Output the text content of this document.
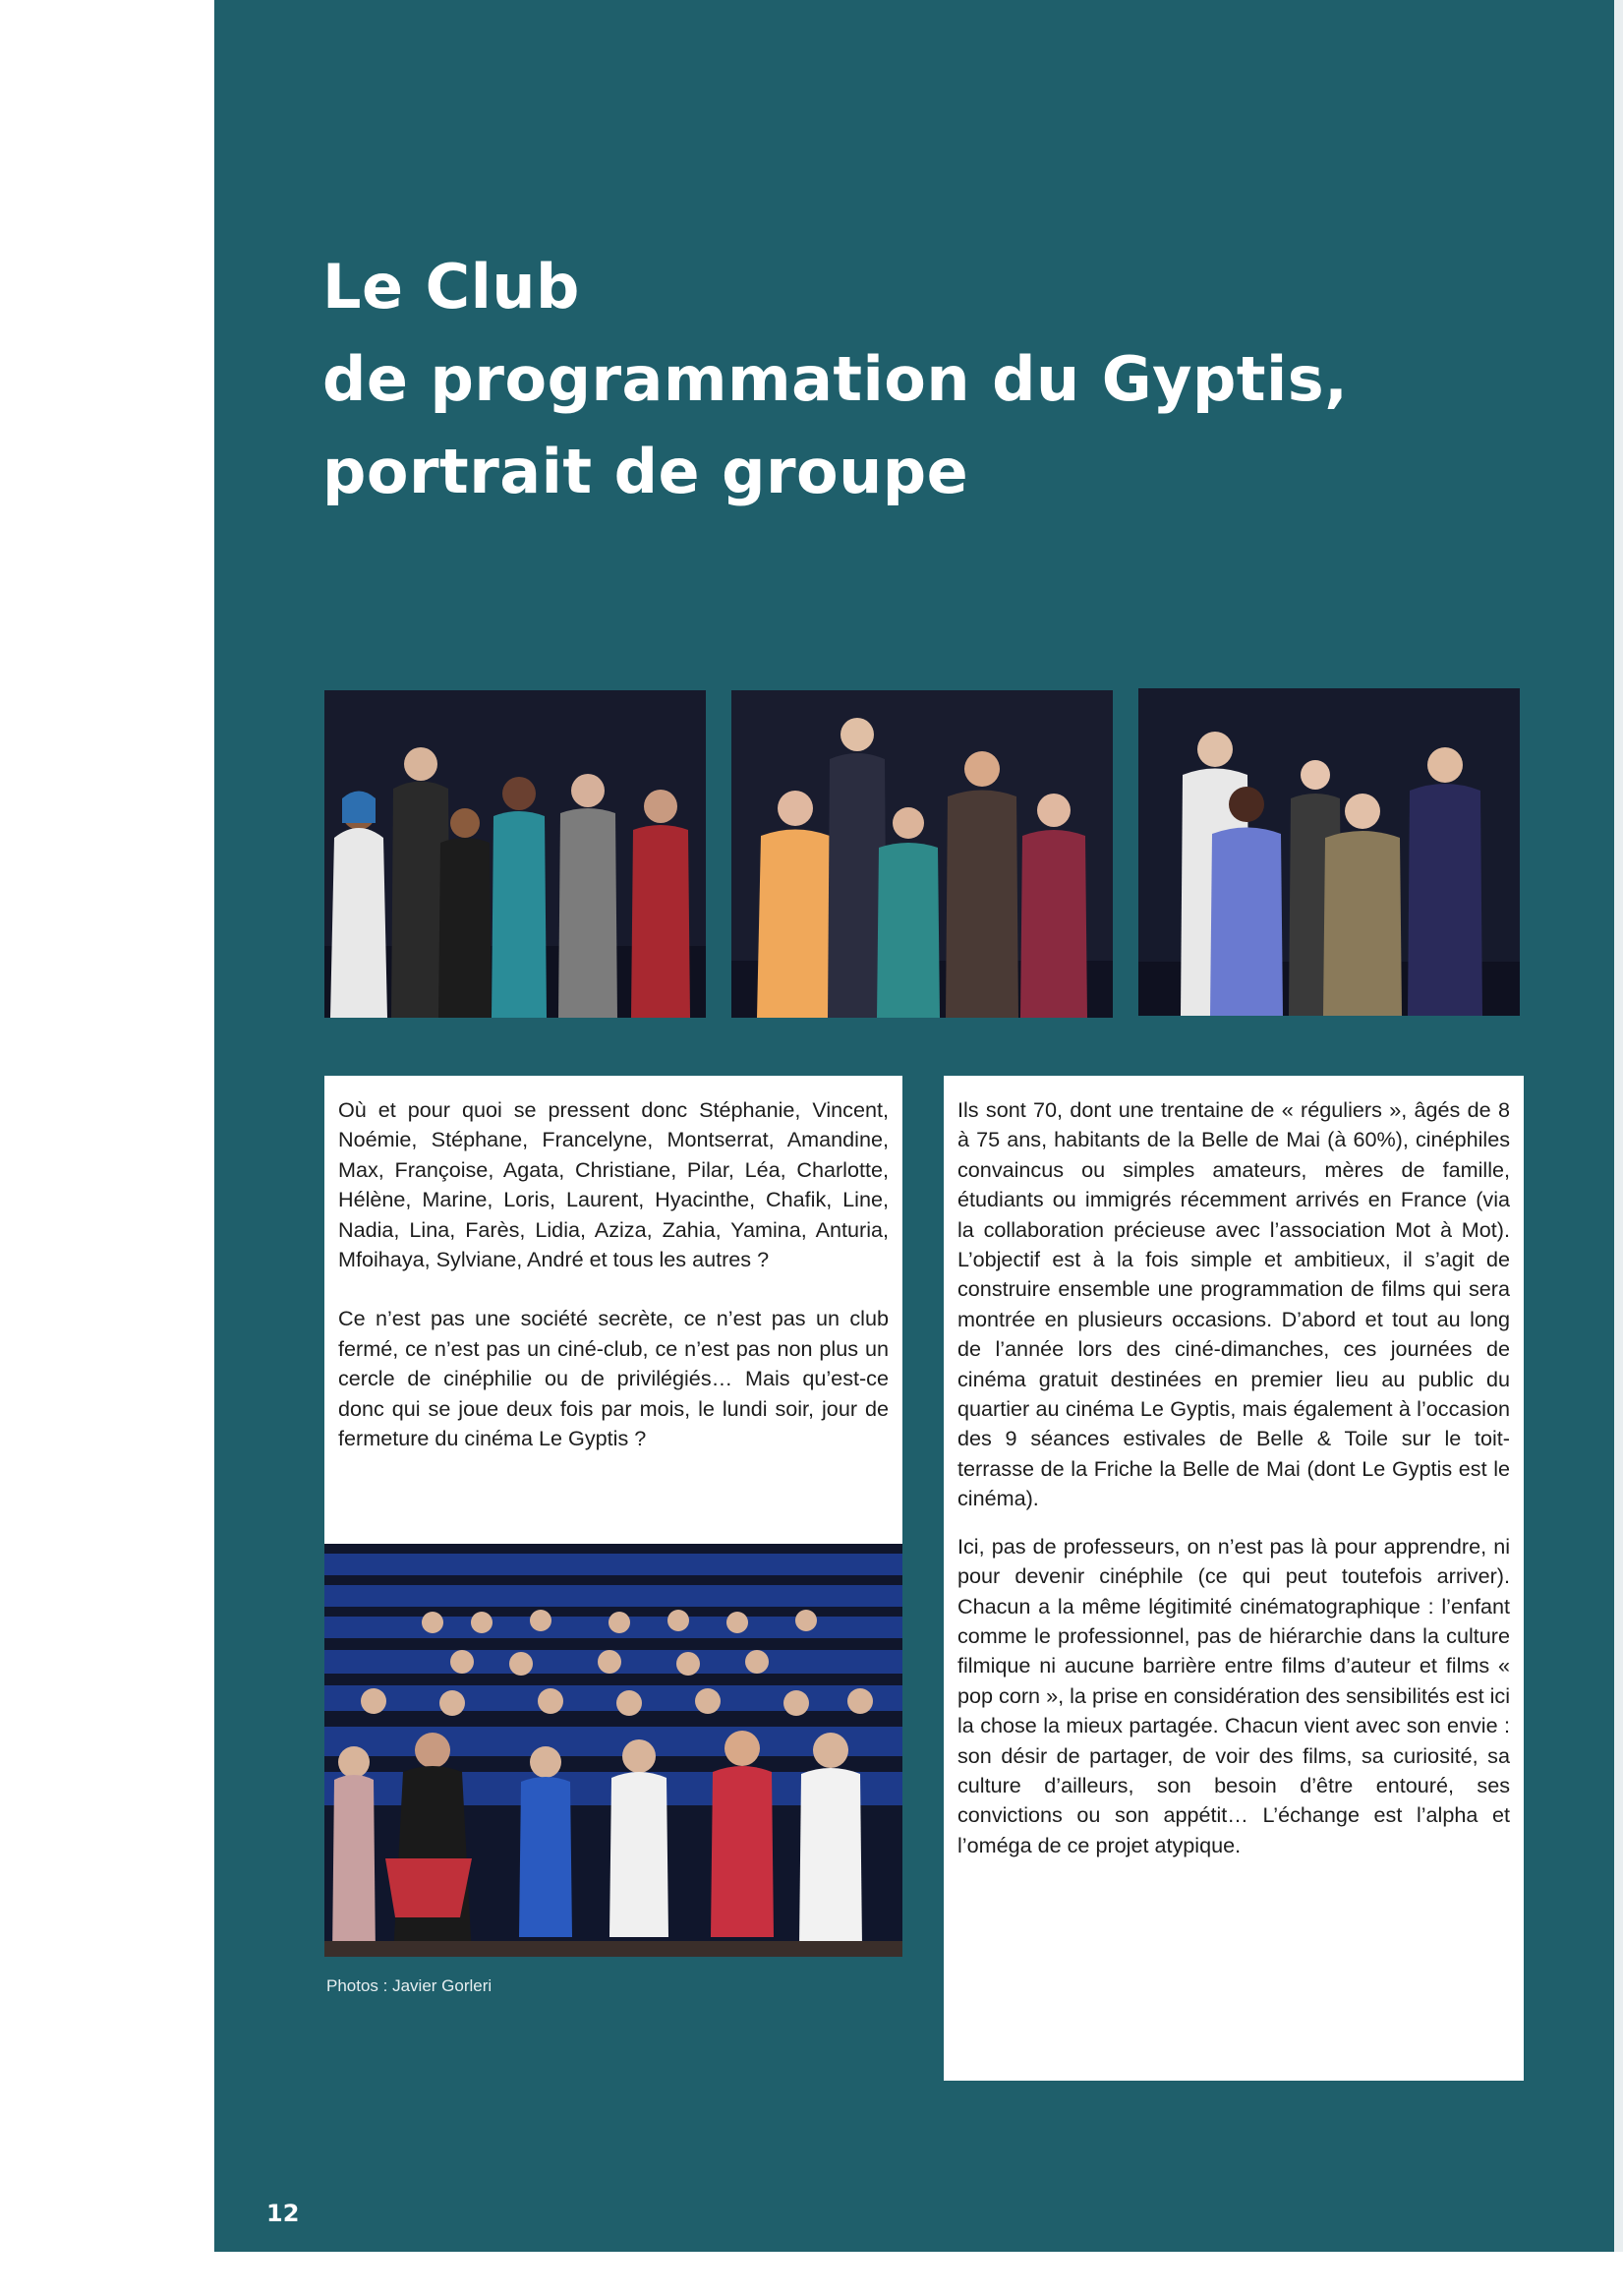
Le Club
de programmation du Gyptis,
portrait de groupe

Où et pour quoi se pressent donc Stéphanie, Vincent, Noémie, Stéphane, Francelyne, Montserrat, Amandine, Max, Françoise, Agata, Christiane, Pilar, Léa, Charlotte, Hélène, Marine, Loris, Laurent, Hyacinthe, Chafik, Line, Nadia, Lina, Farès, Lidia, Aziza, Zahia, Yamina, Anturia, Mfoihaya, Sylviane, André et tous les autres ?

Ce n’est pas une société secrète, ce n’est pas un club fermé, ce n’est pas un ciné-club, ce n’est pas non plus un cercle de cinéphilie ou de privilégiés… Mais qu’est-ce donc qui se joue deux fois par mois, le lundi soir, jour de fermeture du cinéma Le Gyptis ?

Photos : Javier Gorleri

Ils sont 70, dont une trentaine de « réguliers », âgés de 8 à 75 ans, habitants de la Belle de Mai (à 60%), cinéphiles convaincus ou simples amateurs, mères de famille, étudiants ou immigrés récemment arrivés en France (via la collaboration précieuse avec l’association Mot à Mot). L’objectif est à la fois simple et ambitieux, il s’agit de construire ensemble une programmation de films qui sera montrée en plusieurs occasions. D’abord et tout au long de l’année lors des ciné-dimanches, ces journées de cinéma gratuit destinées en premier lieu au public du quartier au cinéma Le Gyptis, mais également à l’occasion des 9 séances estivales de Belle & Toile sur le toit-terrasse de la Friche la Belle de Mai (dont Le Gyptis est le cinéma).

Ici, pas de professeurs, on n’est pas là pour apprendre, ni pour devenir cinéphile (ce qui peut toutefois arriver). Chacun a la même légitimité cinématographique : l’enfant comme le professionnel, pas de hiérarchie dans la culture filmique ni aucune barrière entre films d’auteur et films « pop corn », la prise en considération des sensibilités est ici la chose la mieux partagée. Chacun vient avec son envie : son désir de partager, de voir des films, sa curiosité, sa culture d’ailleurs, son besoin d’être entouré, ses convictions ou son appétit… L’échange est l’alpha et l’oméga de ce projet atypique.

12
